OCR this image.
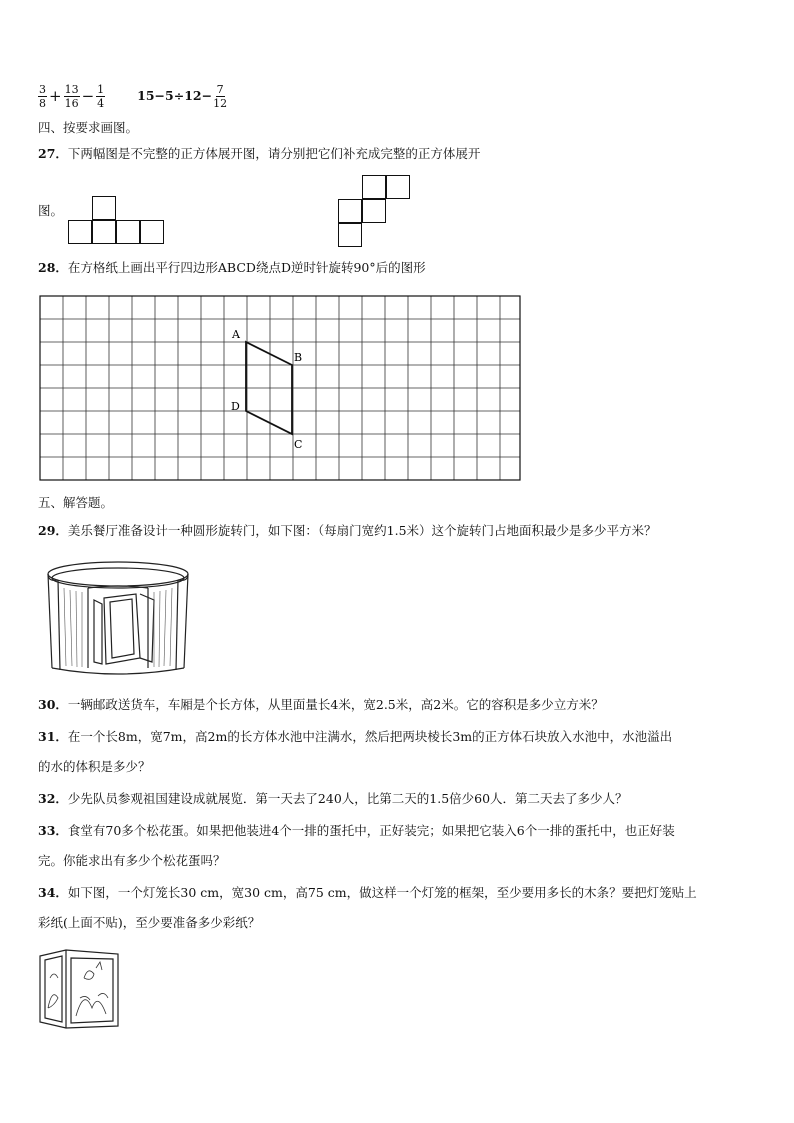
$\frac{3}{8} + \frac{13}{16} - \frac{1}{4}$	$15-5\div 12- \frac{7}{12}$
四、按要求画图。
27．下两幅图是不完整的正方体展开图，请分别把它们补充成完整的正方体展开
图。
28．在方格纸上画出平行四边形ABCD绕点D逆时针旋转90°后的图形
A
B
C
D
五、解答题。
29．美乐餐厅准备设计一种圆形旋转门，如下图：（每扇门宽约1.5米）这个旋转门占地面积最少是多少平方米？
30．一辆邮政送货车，车厢是个长方体，从里面量长4米，宽2.5米，高2米。它的容积是多少立方米？
31．在一个长8m，宽7m，高2m的长方体水池中注满水，然后把两块棱长3m的正方体石块放入水池中，水池溢出
的水的体积是多少？
32．少先队员参观祖国建设成就展览．第一天去了240人，比第二天的1.5倍少60人．第二天去了多少人？
33．食堂有70多个松花蛋。如果把他装进4个一排的蛋托中，正好装完；如果把它装入6个一排的蛋托中，也正好装
完。你能求出有多少个松花蛋吗？
34．如下图，一个灯笼长30 cm，宽30 cm，高75 cm，做这样一个灯笼的框架，至少要用多长的木条？要把灯笼贴上
彩纸(上面不贴)，至少要准备多少彩纸？
